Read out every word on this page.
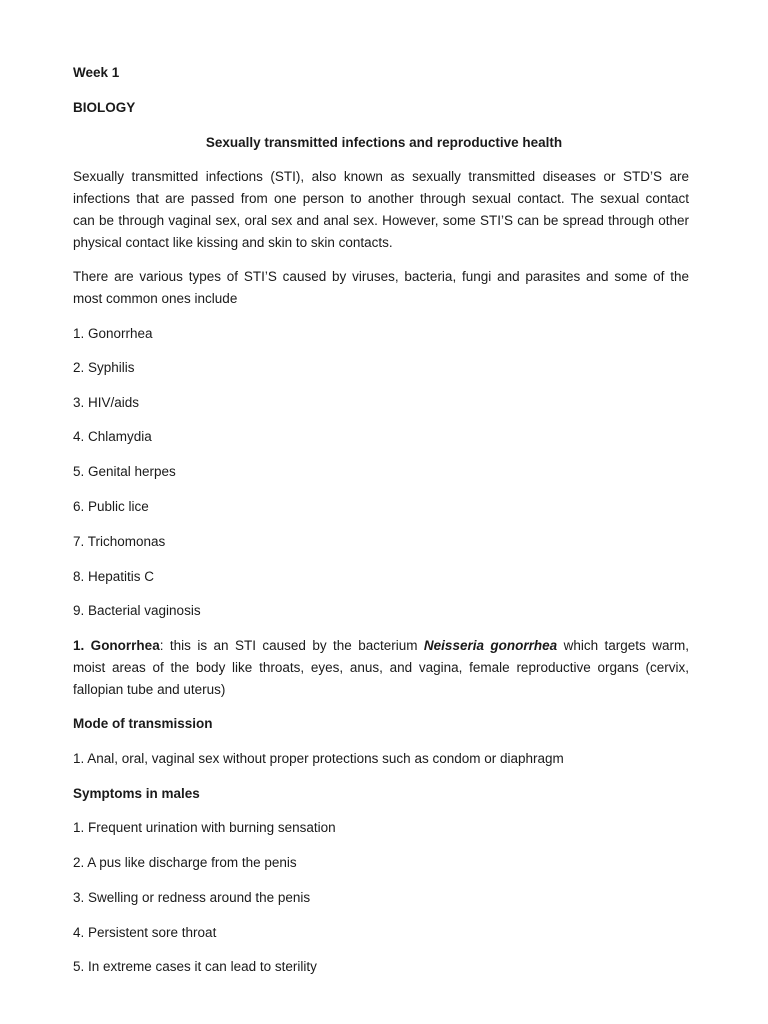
Week 1
BIOLOGY
Sexually transmitted infections and reproductive health
Sexually transmitted infections (STI), also known as sexually transmitted diseases or STD’S are
infections that are passed from one person to another through sexual contact. The sexual contact
can be through vaginal sex, oral sex and anal sex. However, some STI’S can be spread through other
physical contact like kissing and skin to skin contacts.
There are various types of STI’S caused by viruses, bacteria, fungi and parasites and some of the
most common ones include
1. Gonorrhea
2. Syphilis
3. HIV/aids
4. Chlamydia
5. Genital herpes
6. Public lice
7. Trichomonas
8. Hepatitis C
9. Bacterial vaginosis
1. Gonorrhea: this is an STI caused by the bacterium Neisseria gonorrhea which targets warm,
moist areas of the body like throats, eyes, anus, and vagina, female reproductive organs (cervix,
fallopian tube and uterus)
Mode of transmission
1. Anal, oral, vaginal sex without proper protections such as condom or diaphragm
Symptoms in males
1. Frequent urination with burning sensation
2. A pus like discharge from the penis
3. Swelling or redness around the penis
4. Persistent sore throat
5. In extreme cases it can lead to sterility
